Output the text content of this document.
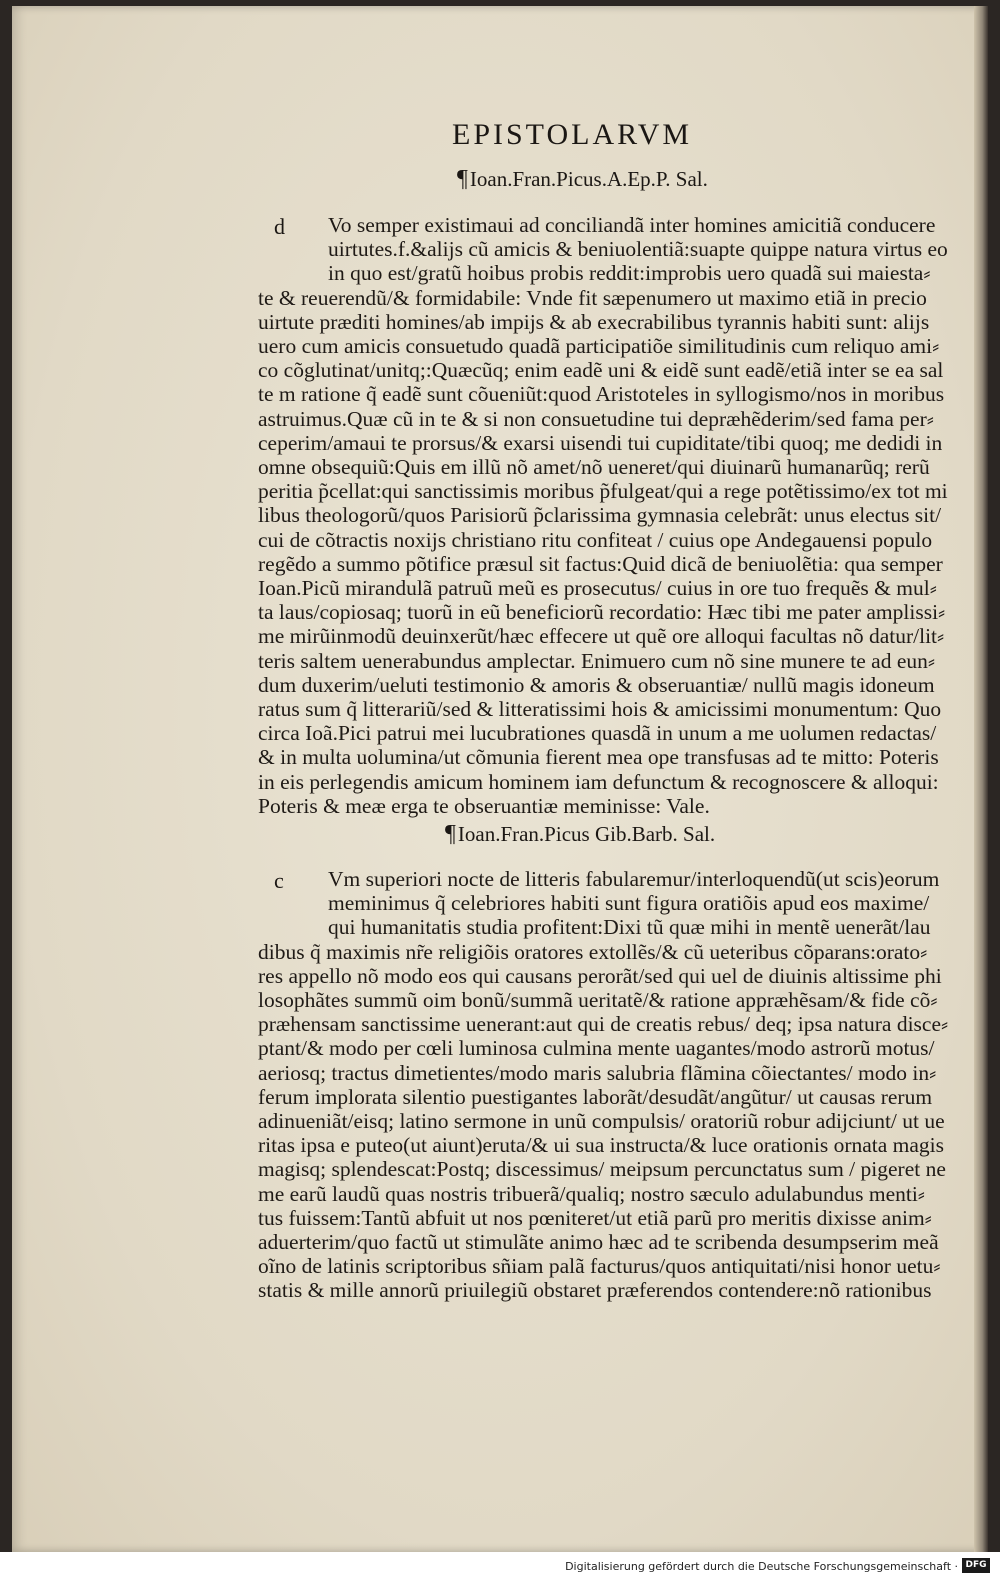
EPISTOLARVM
¶Ioan.Fran.Picus.A.Ep.P. Sal.
d	Vo semper existimaui ad conciliandã inter homines amicitiã conducere
uirtutes.f.&alijs cũ amicis & beniuolentiã:suapte quippe natura virtus eo
in quo est/gratũ hoibus probis reddit:improbis uero quadã sui maiesta⸗
te & reuerendũ/& formidabile: Vnde fit sæpenumero ut maximo etiã in precio
uirtute præditi homines/ab impijs & ab execrabilibus tyrannis habiti sunt: alijs
uero cum amicis consuetudo quadã participatiõe similitudinis cum reliquo ami⸗
co cõglutinat/unitq;:Quæcũq; enim eadẽ uni & eidẽ sunt eadẽ/etiã inter se ea sal
te m ratione q̃ eadẽ sunt cõueniũt:quod Aristoteles in syllogismo/nos in moribus
astruimus.Quæ cũ in te & si non consuetudine tui depræhẽderim/sed fama per⸗
ceperim/amaui te prorsus/& exarsi uisendi tui cupiditate/tibi quoq; me dedidi in
omne obsequiũ:Quis em illũ nõ amet/nõ ueneret/qui diuinarũ humanarũq; rerũ
peritia p̃cellat:qui sanctissimis moribus p̃fulgeat/qui a rege potẽtissimo/ex tot mi
libus theologorũ/quos Parisiorũ p̃clarissima gymnasia celebrãt: unus electus sit/
cui de cõtractis noxijs christiano ritu confiteat / cuius ope Andegauensi populo
regẽdo a summo põtifice præsul sit factus:Quid dicã de beniuolẽtia: qua semper
Ioan.Picũ mirandulã patruũ meũ es prosecutus/ cuius in ore tuo frequẽs & mul⸗
ta laus/copiosaq; tuorũ in eũ beneficiorũ recordatio: Hæc tibi me pater amplissi⸗
me mirũinmodũ deuinxerũt/hæc effecere ut quẽ ore alloqui facultas nõ datur/lit⸗
teris saltem uenerabundus amplectar. Enimuero cum nõ sine munere te ad eun⸗
dum duxerim/ueluti testimonio & amoris & obseruantiæ/ nullũ magis idoneum
ratus sum q̃ litterariũ/sed & litteratissimi hois & amicissimi monumentum: Quo
circa Ioã.Pici patrui mei lucubrationes quasdã in unum a me uolumen redactas/
& in multa uolumina/ut cõmunia fierent mea ope transfusas ad te mitto: Poteris
in eis perlegendis amicum hominem iam defunctum & recognoscere & alloqui:
Poteris & meæ erga te obseruantiæ meminisse: Vale.
¶Ioan.Fran.Picus Gib.Barb. Sal.
c	Vm superiori nocte de litteris fabularemur/interloquendũ(ut scis)eorum
meminimus q̃ celebriores habiti sunt figura oratiõis apud eos maxime/
qui humanitatis studia profitent:Dixi tũ quæ mihi in mentẽ uenerãt/lau
dibus q̃ maximis nr̃e religiõis oratores extollẽs/& cũ ueteribus cõparans:orato⸗
res appello nõ modo eos qui causans perorãt/sed qui uel de diuinis altissime phi
losophãtes summũ oim bonũ/summã ueritatẽ/& ratione appræhẽsam/& fide cõ⸗
præhensam sanctissime uenerant:aut qui de creatis rebus/ deq; ipsa natura disce⸗
ptant/& modo per cœli luminosa culmina mente uagantes/modo astrorũ motus/
aeriosq; tractus dimetientes/modo maris salubria flãmina cõiectantes/ modo in⸗
ferum implorata silentio puestigantes laborãt/desudãt/angũtur/ ut causas rerum
adinueniãt/eisq; latino sermone in unũ compulsis/ oratoriũ robur adijciunt/ ut ue
ritas ipsa e puteo(ut aiunt)eruta/& ui sua instructa/& luce orationis ornata magis
magisq; splendescat:Postq; discessimus/ meipsum percunctatus sum / pigeret ne
me earũ laudũ quas nostris tribuerã/qualiq; nostro sæculo adulabundus menti⸗
tus fuissem:Tantũ abfuit ut nos pœniteret/ut etiã parũ pro meritis dixisse anim⸗
aduerterim/quo factũ ut stimulãte animo hæc ad te scribenda desumpserim meã
oĩno de latinis scriptoribus sñiam palã facturus/quos antiquitati/nisi honor uetu⸗
statis & mille annorũ priuilegiũ obstaret præferendos contendere:nõ rationibus
Digitalisierung gefördert durch die Deutsche Forschungsgemeinschaft · DFG
